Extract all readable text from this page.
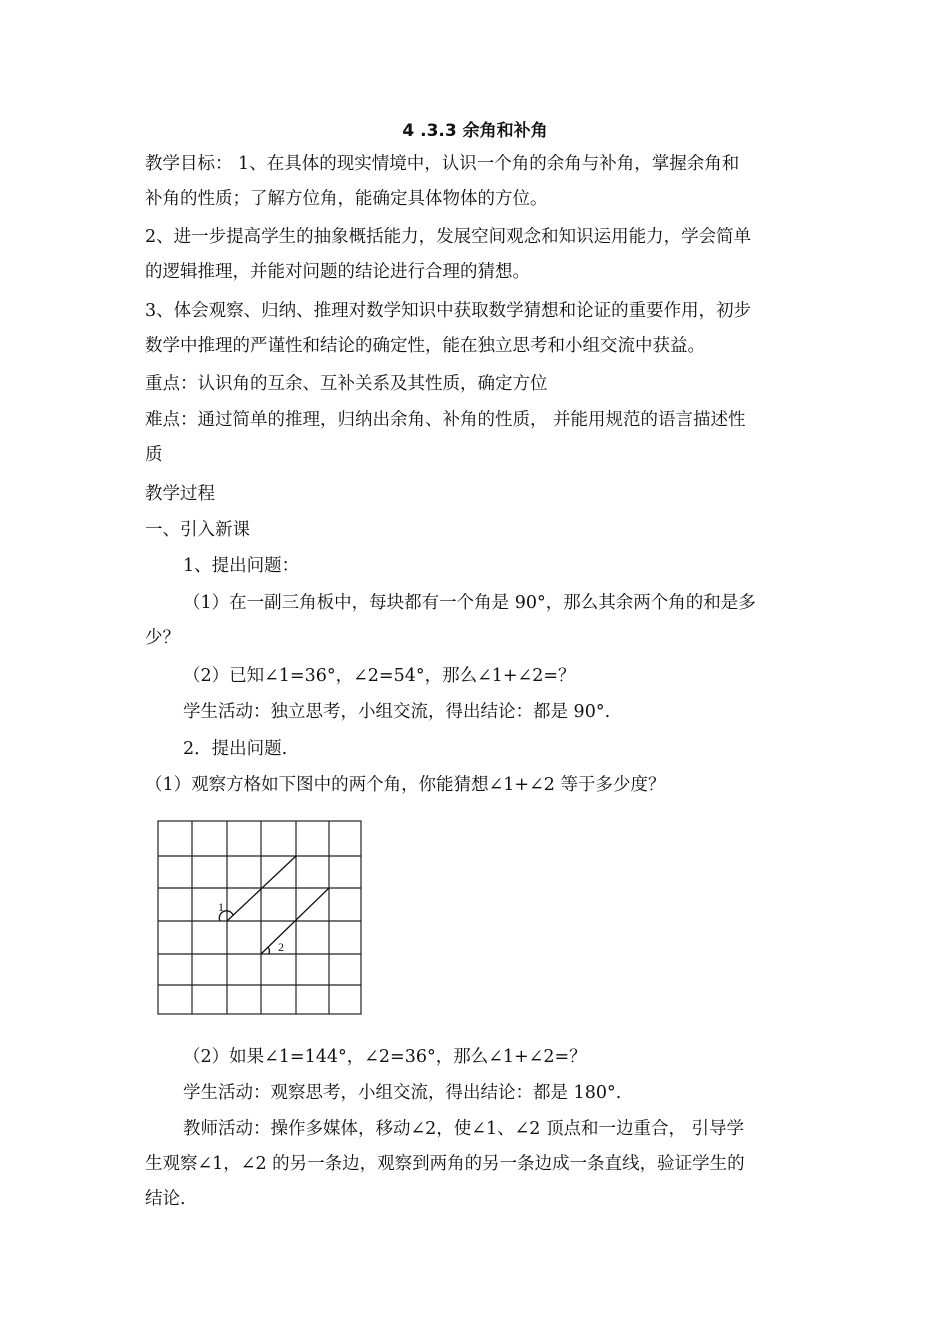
4 .3.3 余角和补角
教学目标： 1、在具体的现实情境中，认识一个角的余角与补角，掌握余角和
补角的性质；了解方位角，能确定具体物体的方位。
2、进一步提高学生的抽象概括能力，发展空间观念和知识运用能力，学会简单
的逻辑推理，并能对问题的结论进行合理的猜想。
3、体会观察、归纳、推理对数学知识中获取数学猜想和论证的重要作用，初步
数学中推理的严谨性和结论的确定性，能在独立思考和小组交流中获益。
重点：认识角的互余、互补关系及其性质，确定方位
难点：通过简单的推理，归纳出余角、补角的性质， 并能用规范的语言描述性
质
教学过程
一、引入新课
1、提出问题：
（1）在一副三角板中，每块都有一个角是 90°，那么其余两个角的和是多
少？
（2）已知∠1=36°，∠2=54°，那么∠1+∠2=？
学生活动：独立思考，小组交流，得出结论：都是 90°.
2．提出问题.
（1）观察方格如下图中的两个角，你能猜想∠1+∠2 等于多少度？
1
2
（2）如果∠1=144°，∠2=36°，那么∠1+∠2=？
学生活动：观察思考，小组交流，得出结论：都是 180°.
教师活动：操作多媒体，移动∠2，使∠1、∠2 顶点和一边重合， 引导学
生观察∠1，∠2 的另一条边，观察到两角的另一条边成一条直线，验证学生的
结论.
